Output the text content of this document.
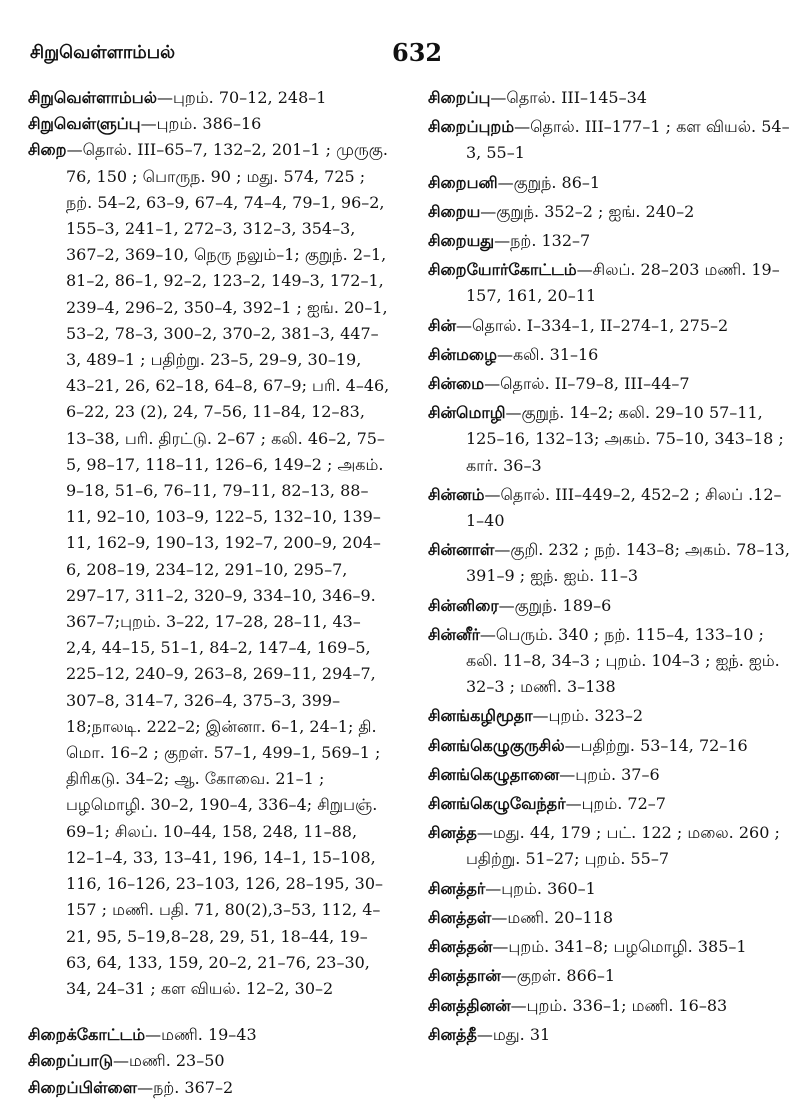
சிறுவெள்ளாம்பல்	632

சிறுவெள்ளாம்பல்—புறம். 70–12, 248–1

சிறுவெள்ளுப்பு—புறம். 386–16

சிறை—தொல். III–65–7, 132–2, 201–1 ; முருகு. 76, 150 ; பொருந. 90 ; மது. 574, 725 ; நற். 54–2, 63–9, 67–4, 74–4, 79–1, 96–2, 155–3, 241–1, 272–3, 312–3, 354–3, 367–2, 369–10, நெரு நலும்–1; குறுந். 2–1, 81–2, 86–1, 92–2, 123–2, 149–3, 172–1, 239–4, 296–2, 350–4, 392–1 ; ஐங். 20–1, 53–2, 78–3, 300–2, 370–2, 381–3, 447–3, 489–1 ; பதிற்று. 23–5, 29–9, 30–19, 43–21, 26, 62–18, 64–8, 67–9; பரி. 4–46, 6–22, 23 (2), 24, 7–56, 11–84, 12–83, 13–38, பரி. திரட்டு. 2–67 ; கலி. 46–2, 75–5, 98–17, 118–11, 126–6, 149–2 ; அகம். 9–18, 51–6, 76–11, 79–11, 82–13, 88–11, 92–10, 103–9, 122–5, 132–10, 139–11, 162–9, 190–13, 192–7, 200–9, 204–6, 208–19, 234–12, 291–10, 295–7, 297–17, 311–2, 320–9, 334–10, 346–9. 367–7;புறம். 3–22, 17–28, 28–11, 43–2,4, 44–15, 51–1, 84–2, 147–4, 169–5, 225–12, 240–9, 263–8, 269–11, 294–7, 307–8, 314–7, 326–4, 375–3, 399–18;நாலடி. 222–2; இன்னா. 6–1, 24–1; தி. மொ. 16–2 ; குறள். 57–1, 499–1, 569–1 ; திரிகடு. 34–2; ஆ. கோவை. 21–1 ; பழமொழி. 30–2, 190–4, 336–4; சிறுபஞ். 69–1; சிலப். 10–44, 158, 248, 11–88, 12–1–4, 33, 13–41, 196, 14–1, 15–108, 116, 16–126, 23–103, 126, 28–195, 30–157 ; மணி. பதி. 71, 80(2),3–53, 112, 4–21, 95, 5–19,8–28, 29, 51, 18–44, 19–63, 64, 133, 159, 20–2, 21–76, 23–30, 34, 24–31 ; கள வியல். 12–2, 30–2

சிறைக்கோட்டம்—மணி. 19–43

சிறைப்பாடு—மணி. 23–50

சிறைப்பிள்ளை—நற். 367–2

சிறைப்பு—தொல். III–145–34

சிறைப்புறம்—தொல். III–177–1 ; கள வியல். 54–3, 55–1

சிறைபனி—குறுந். 86–1

சிறைய—குறுந். 352–2 ; ஐங். 240–2

சிறையது—நற். 132–7

சிறையோர்கோட்டம்—சிலப். 28–203 மணி. 19–157, 161, 20–11

சின்—தொல். I–334–1, II–274–1, 275–2

சின்மழை—கலி. 31–16

சின்மை—தொல். II–79–8, III–44–7

சின்மொழி—குறுந். 14–2; கலி. 29–10 57–11, 125–16, 132–13; அகம். 75–10, 343–18 ; கார். 36–3

சின்னம்—தொல். III–449–2, 452–2 ; சிலப் .12–1–40

சின்னாள்—குறி. 232 ; நற். 143–8; அகம். 78–13, 391–9 ; ஐந். ஐம். 11–3

சின்னிரை—குறுந். 189–6

சின்னீர்—பெரும். 340 ; நற். 115–4, 133–10 ; கலி. 11–8, 34–3 ; புறம். 104–3 ; ஐந். ஐம். 32–3 ; மணி. 3–138

சினங்கழிமூதா—புறம். 323–2

சினங்கெழுகுருசில்—பதிற்று. 53–14, 72–16

சினங்கெழுதானை—புறம். 37–6

சினங்கெழுவேந்தர்—புறம். 72–7

சினத்த—மது. 44, 179 ; பட். 122 ; மலை. 260 ; பதிற்று. 51–27; புறம். 55–7

சினத்தர்—புறம். 360–1

சினத்தள்—மணி. 20–118

சினத்தன்—புறம். 341–8; பழமொழி. 385–1

சினத்தான்—குறள். 866–1

சினத்தினன்—புறம். 336–1; மணி. 16–83

சினத்தீ—மது. 31
